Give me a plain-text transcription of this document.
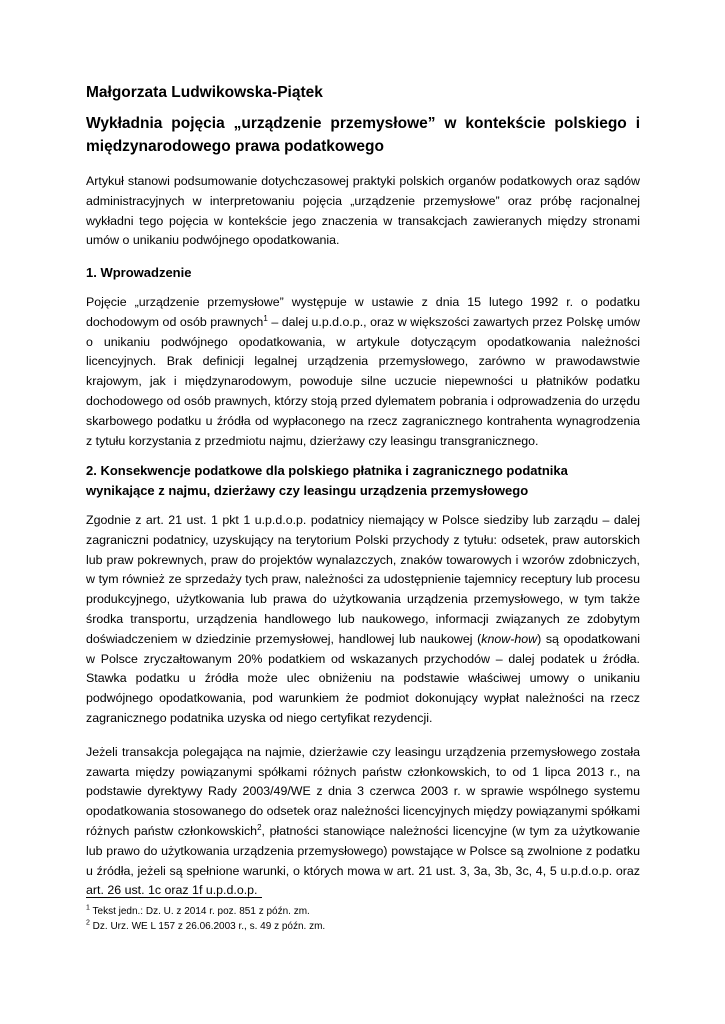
Małgorzata Ludwikowska-Piątek
Wykładnia pojęcia „urządzenie przemysłowe” w kontekście polskiego i międzynarodowego prawa podatkowego

Artykuł stanowi podsumowanie dotychczasowej praktyki polskich organów podatkowych oraz sądów administracyjnych w interpretowaniu pojęcia „urządzenie przemysłowe” oraz próbę racjonalnej wykładni tego pojęcia w kontekście jego znaczenia w transakcjach zawieranych między stronami umów o unikaniu podwójnego opodatkowania.

1. Wprowadzenie

Pojęcie „urządzenie przemysłowe” występuje w ustawie z dnia 15 lutego 1992 r. o podatku dochodowym od osób prawnych$^1$ – dalej u.p.d.o.p., oraz w większości zawartych przez Polskę umów o unikaniu podwójnego opodatkowania, w artykule dotyczącym opodatkowania należności licencyjnych. Brak definicji legalnej urządzenia przemysłowego, zarówno w prawodawstwie krajowym, jak i międzynarodowym, powoduje silne uczucie niepewności u płatników podatku dochodowego od osób prawnych, którzy stoją przed dylematem pobrania i odprowadzenia do urzędu skarbowego podatku u źródła od wypłaconego na rzecz zagranicznego kontrahenta wynagrodzenia z tytułu korzystania z przedmiotu najmu, dzierżawy czy leasingu transgranicznego.

2. Konsekwencje podatkowe dla polskiego płatnika i zagranicznego podatnika wynikające z najmu, dzierżawy czy leasingu urządzenia przemysłowego

Zgodnie z art. 21 ust. 1 pkt 1 u.p.d.o.p. podatnicy niemający w Polsce siedziby lub zarządu – dalej zagraniczni podatnicy, uzyskujący na terytorium Polski przychody z tytułu: odsetek, praw autorskich lub praw pokrewnych, praw do projektów wynalazczych, znaków towarowych i wzorów zdobniczych, w tym również ze sprzedaży tych praw, należności za udostępnienie tajemnicy receptury lub procesu produkcyjnego, użytkowania lub prawa do użytkowania urządzenia przemysłowego, w tym także środka transportu, urządzenia handlowego lub naukowego, informacji związanych ze zdobytym doświadczeniem w dziedzinie przemysłowej, handlowej lub naukowej (know-how) są opodatkowani w Polsce zryczałtowanym 20% podatkiem od wskazanych przychodów – dalej podatek u źródła. Stawka podatku u źródła może ulec obniżeniu na podstawie właściwej umowy o unikaniu podwójnego opodatkowania, pod warunkiem że podmiot dokonujący wypłat należności na rzecz zagranicznego podatnika uzyska od niego certyfikat rezydencji.

Jeżeli transakcja polegająca na najmie, dzierżawie czy leasingu urządzenia przemysłowego została zawarta między powiązanymi spółkami różnych państw członkowskich, to od 1 lipca 2013 r., na podstawie dyrektywy Rady 2003/49/WE z dnia 3 czerwca 2003 r. w sprawie wspólnego systemu opodatkowania stosowanego do odsetek oraz należności licencyjnych między powiązanymi spółkami różnych państw członkowskich$^2$, płatności stanowiące należności licencyjne (w tym za użytkowanie lub prawo do użytkowania urządzenia przemysłowego) powstające w Polsce są zwolnione z podatku u źródła, jeżeli są spełnione warunki, o których mowa w art. 21 ust. 3, 3a, 3b, 3c, 4, 5 u.p.d.o.p. oraz art. 26 ust. 1c oraz 1f u.p.d.o.p.

$^1$ Tekst jedn.: Dz. U. z 2014 r. poz. 851 z późn. zm.
$^2$ Dz. Urz. WE L 157 z 26.06.2003 r., s. 49 z późn. zm.
